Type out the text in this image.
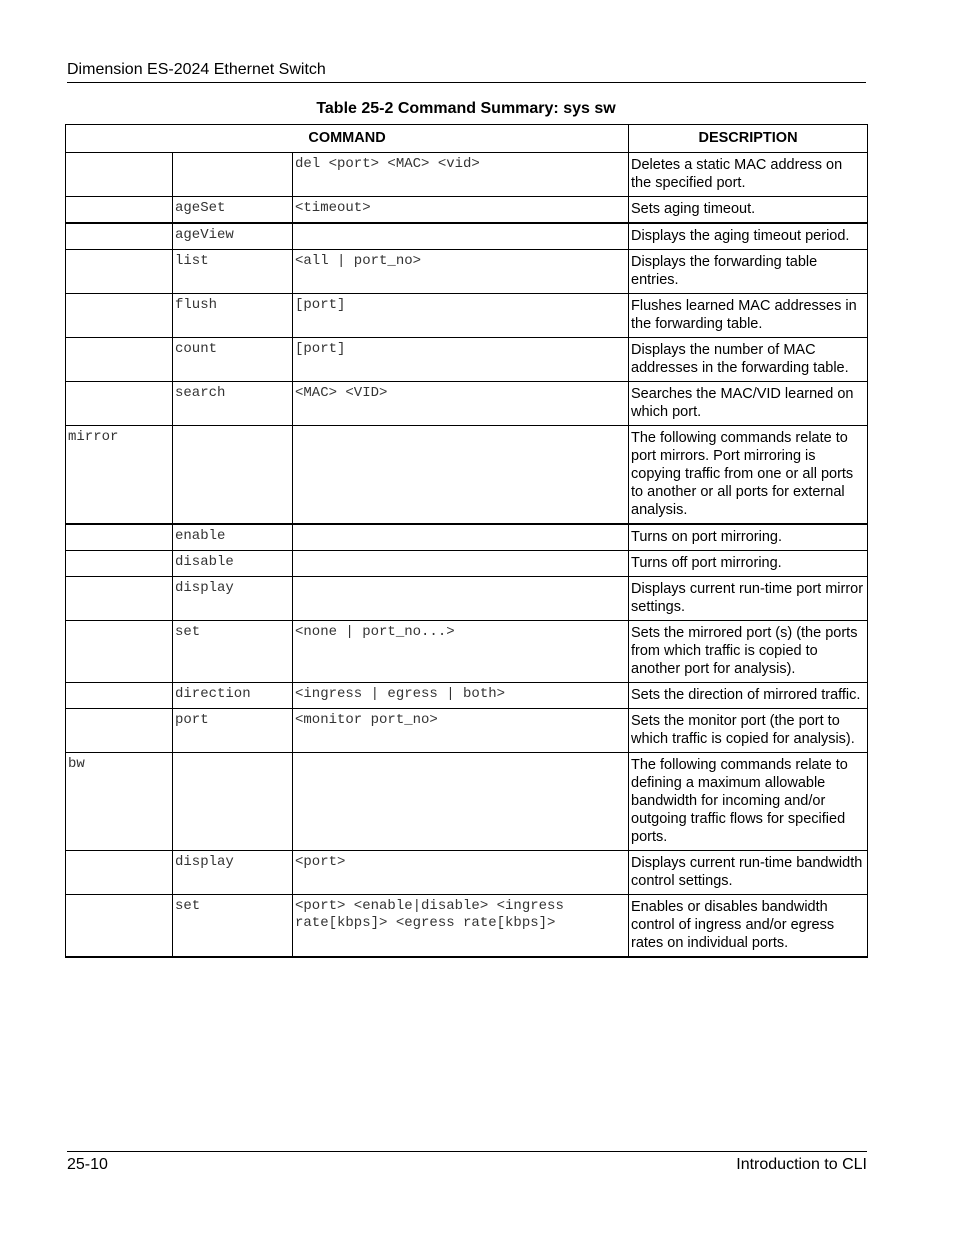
Dimension ES-2024 Ethernet Switch
Table 25-2 Command Summary: sys sw
COMMAND			DESCRIPTION
		del <port> <MAC> <vid>	Deletes a static MAC address on the specified port.
	ageSet	<timeout>	Sets aging timeout.
	ageView		Displays the aging timeout period.
	list	<all | port_no>	Displays the forwarding table entries.
	flush	[port]	Flushes learned MAC addresses in the forwarding table.
	count	[port]	Displays the number of MAC addresses in the forwarding table.
	search	<MAC> <VID>	Searches the MAC/VID learned on which port.
mirror			The following commands relate to port mirrors. Port mirroring is copying traffic from one or all ports to another or all ports for external analysis.
	enable		Turns on port mirroring.
	disable		Turns off port mirroring.
	display		Displays current run-time port mirror settings.
	set	<none | port_no...>	Sets the mirrored port (s) (the ports from which traffic is copied to another port for analysis).
	direction	<ingress | egress | both>	Sets the direction of mirrored traffic.
	port	<monitor port_no>	Sets the monitor port (the port to which traffic is copied for analysis).
bw			The following commands relate to defining a maximum allowable bandwidth for incoming and/or outgoing traffic flows for specified ports.
	display	<port>	Displays current run-time bandwidth control settings.
	set	<port> <enable|disable> <ingress rate[kbps]> <egress rate[kbps]>	Enables or disables bandwidth control of ingress and/or egress rates on individual ports.
25-10	Introduction to CLI
